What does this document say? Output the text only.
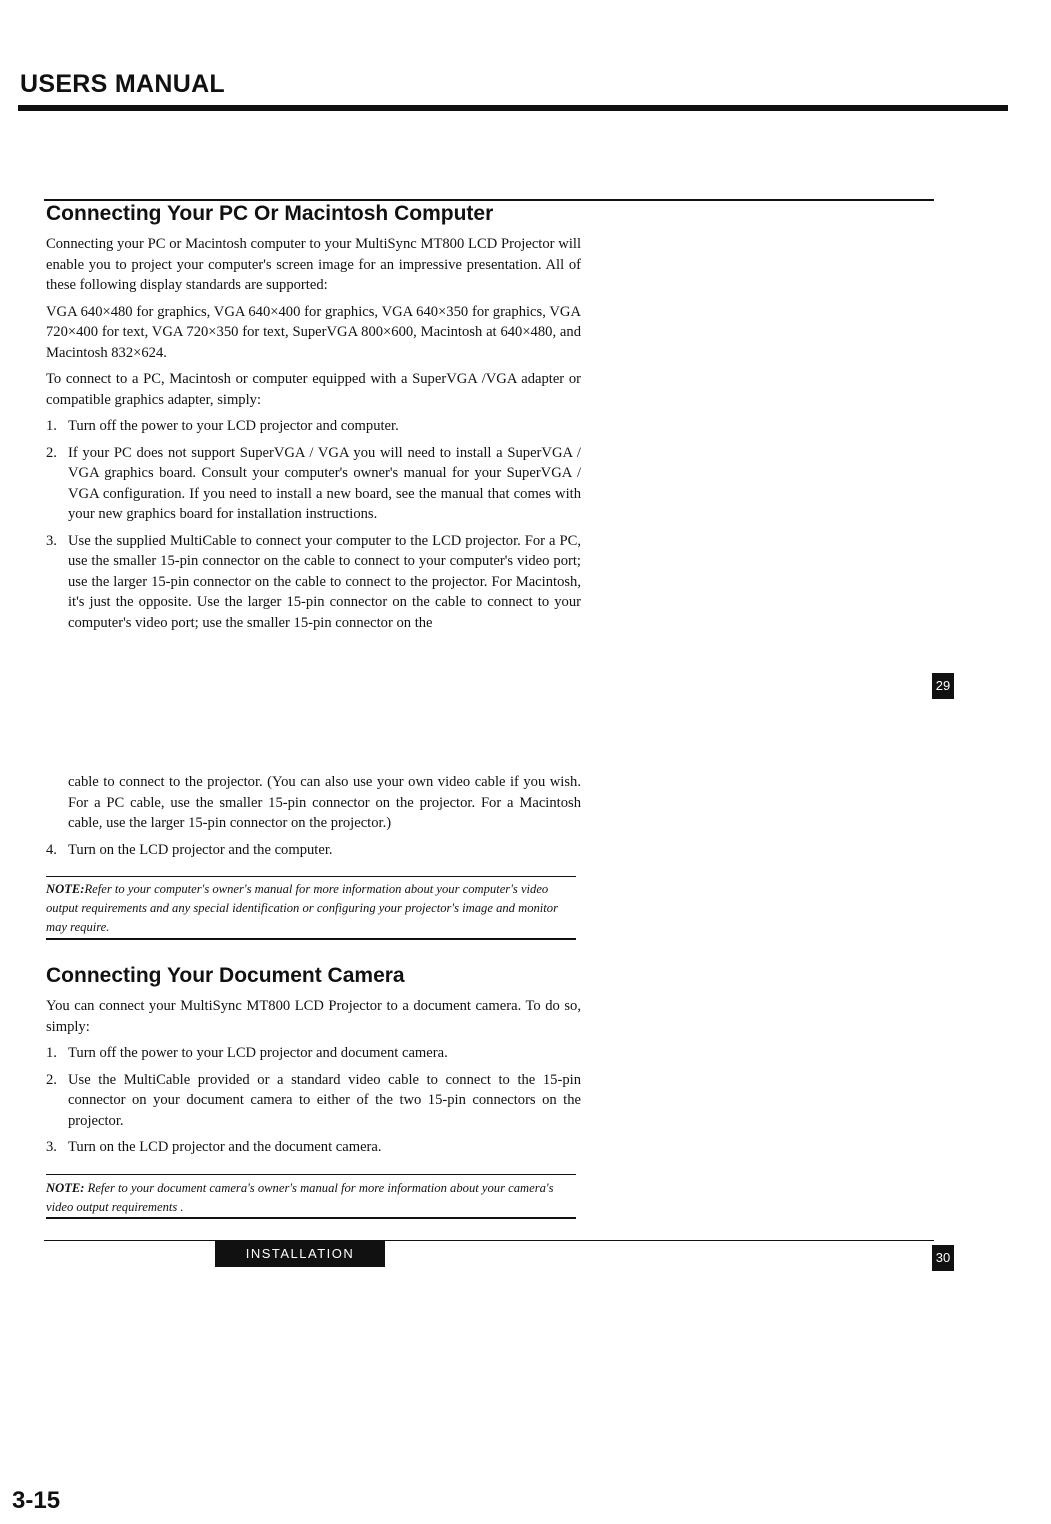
USERS MANUAL
Connecting Your PC Or Macintosh Computer

Connecting your PC or Macintosh computer to your MultiSync MT800 LCD Projector will enable you to project your computer's screen image for an impressive presentation. All of these following display standards are supported:

VGA 640×480 for graphics, VGA 640×400 for graphics, VGA 640×350 for graphics, VGA 720×400 for text, VGA 720×350 for text, SuperVGA 800×600, Macintosh at 640×480, and Macintosh 832×624.

To connect to a PC, Macintosh or computer equipped with a SuperVGA /VGA adapter or compatible graphics adapter, simply:

1. Turn off the power to your LCD projector and computer.
2. If your PC does not support SuperVGA / VGA you will need to install a SuperVGA / VGA graphics board. Consult your computer's owner's manual for your SuperVGA / VGA configuration. If you need to install a new board, see the manual that comes with your new graphics board for installation instructions.
3. Use the supplied MultiCable to connect your computer to the LCD projector. For a PC, use the smaller 15-pin connector on the cable to connect to your computer's video port; use the larger 15-pin connector on the cable to connect to the projector. For Macintosh, it's just the opposite. Use the larger 15-pin connector on the cable to connect to your computer's video port; use the smaller 15-pin connector on the
29
cable to connect to the projector. (You can also use your own video cable if you wish. For a PC cable, use the smaller 15-pin connector on the projector. For a Macintosh cable, use the larger 15-pin connector on the projector.)
4. Turn on the LCD projector and the computer.
NOTE:Refer to your computer's owner's manual for more information about your computer's video output requirements and any special identification or configuring your projector's image and monitor may require.
Connecting Your Document Camera

You can connect your MultiSync MT800 LCD Projector to a document camera. To do so, simply:

1. Turn off the power to your LCD projector and document camera.
2. Use the MultiCable provided or a standard video cable to connect to the 15-pin connector on your document camera to either of the two 15-pin connectors on the projector.
3. Turn on the LCD projector and the document camera.
NOTE: Refer to your document camera's owner's manual for more information about your camera's video output requirements .
INSTALLATION	30
3-15
